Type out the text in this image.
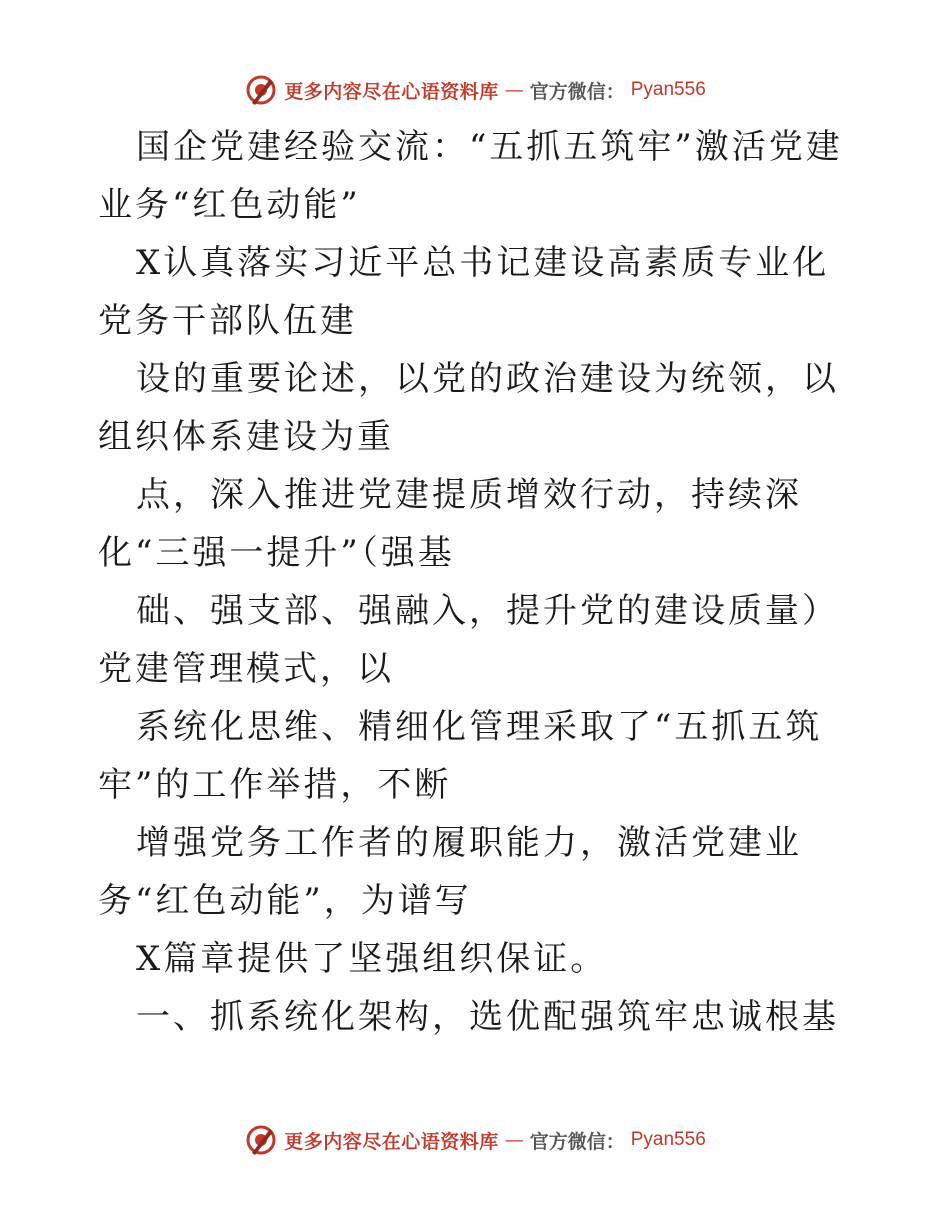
更多内容尽在心语资料库 — 官方微信： Pyan556

国企党建经验交流：“五抓五筑牢”激活党建业务“红色动能”

X认真落实习近平总书记建设高素质专业化党务干部队伍建

设的重要论述，以党的政治建设为统领，以组织体系建设为重

点，深入推进党建提质增效行动，持续深化“三强一提升”（强基

础、强支部、强融入，提升党的建设质量）党建管理模式，以

系统化思维、精细化管理采取了“五抓五筑牢”的工作举措，不断

增强党务工作者的履职能力，激活党建业务“红色动能”，为谱写

X篇章提供了坚强组织保证。

一、抓系统化架构，选优配强筑牢忠诚根基

更多内容尽在心语资料库 — 官方微信： Pyan556
